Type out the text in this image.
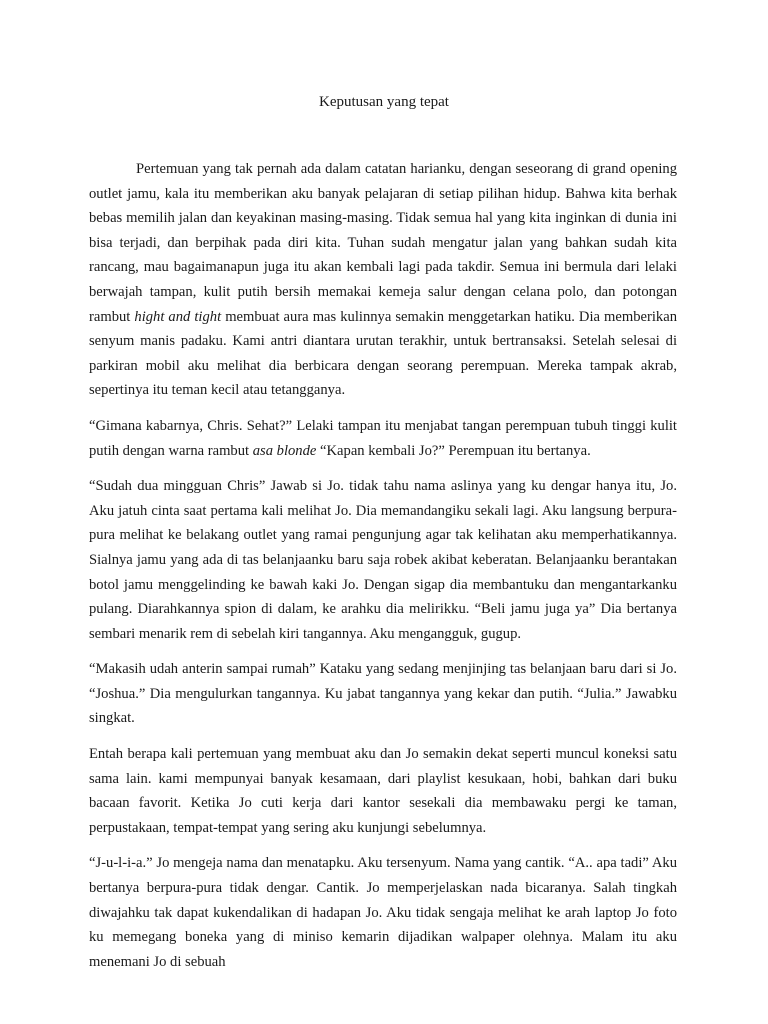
Keputusan yang tepat

Pertemuan yang tak pernah ada dalam catatan harianku, dengan seseorang di grand opening outlet jamu, kala itu memberikan aku banyak pelajaran di setiap pilihan hidup. Bahwa kita berhak bebas memilih jalan dan keyakinan masing-masing. Tidak semua hal yang kita inginkan di dunia ini bisa terjadi, dan berpihak pada diri kita. Tuhan sudah mengatur jalan yang bahkan sudah kita rancang, mau bagaimanapun juga itu akan kembali lagi pada takdir. Semua ini bermula dari lelaki berwajah tampan, kulit putih bersih memakai kemeja salur dengan celana polo, dan potongan rambut hight and tight membuat aura mas kulinnya semakin menggetarkan hatiku. Dia memberikan senyum manis padaku. Kami antri diantara urutan terakhir, untuk bertransaksi. Setelah selesai di parkiran mobil aku melihat dia berbicara dengan seorang perempuan. Mereka tampak akrab, sepertinya itu teman kecil atau tetangganya.

“Gimana kabarnya, Chris. Sehat?” Lelaki tampan itu menjabat tangan perempuan tubuh tinggi kulit putih dengan warna rambut asa blonde “Kapan kembali Jo?” Perempuan itu bertanya.

“Sudah dua mingguan Chris” Jawab si Jo. tidak tahu nama aslinya yang ku dengar hanya itu, Jo. Aku jatuh cinta saat pertama kali melihat Jo. Dia memandangiku sekali lagi. Aku langsung berpura- pura melihat ke belakang outlet yang ramai pengunjung agar tak kelihatan aku memperhatikannya. Sialnya jamu yang ada di tas belanjaanku baru saja robek akibat keberatan. Belanjaanku berantakan botol jamu menggelinding ke bawah kaki Jo. Dengan sigap dia membantuku dan mengantarkanku pulang. Diarahkannya spion di dalam, ke arahku dia melirikku. “Beli jamu juga ya” Dia bertanya sembari menarik rem di sebelah kiri tangannya. Aku mengangguk, gugup.

“Makasih udah anterin sampai rumah” Kataku yang sedang menjinjing tas belanjaan baru dari si Jo. “Joshua.” Dia mengulurkan tangannya. Ku jabat tangannya yang kekar dan putih. “Julia.” Jawabku singkat.

Entah berapa kali pertemuan yang membuat aku dan Jo semakin dekat seperti muncul koneksi satu sama lain. kami mempunyai banyak kesamaan, dari playlist kesukaan, hobi, bahkan dari buku bacaan favorit. Ketika Jo cuti kerja dari kantor sesekali dia membawaku pergi ke taman, perpustakaan, tempat-tempat yang sering aku kunjungi sebelumnya.

“J-u-l-i-a.” Jo mengeja nama dan menatapku. Aku tersenyum. Nama yang cantik. “A.. apa tadi” Aku bertanya berpura-pura tidak dengar. Cantik. Jo memperjelaskan nada bicaranya. Salah tingkah diwajahku tak dapat kukendalikan di hadapan Jo. Aku tidak sengaja melihat ke arah laptop Jo foto ku memegang boneka yang di miniso kemarin dijadikan walpaper olehnya. Malam itu aku menemani Jo di sebuah
